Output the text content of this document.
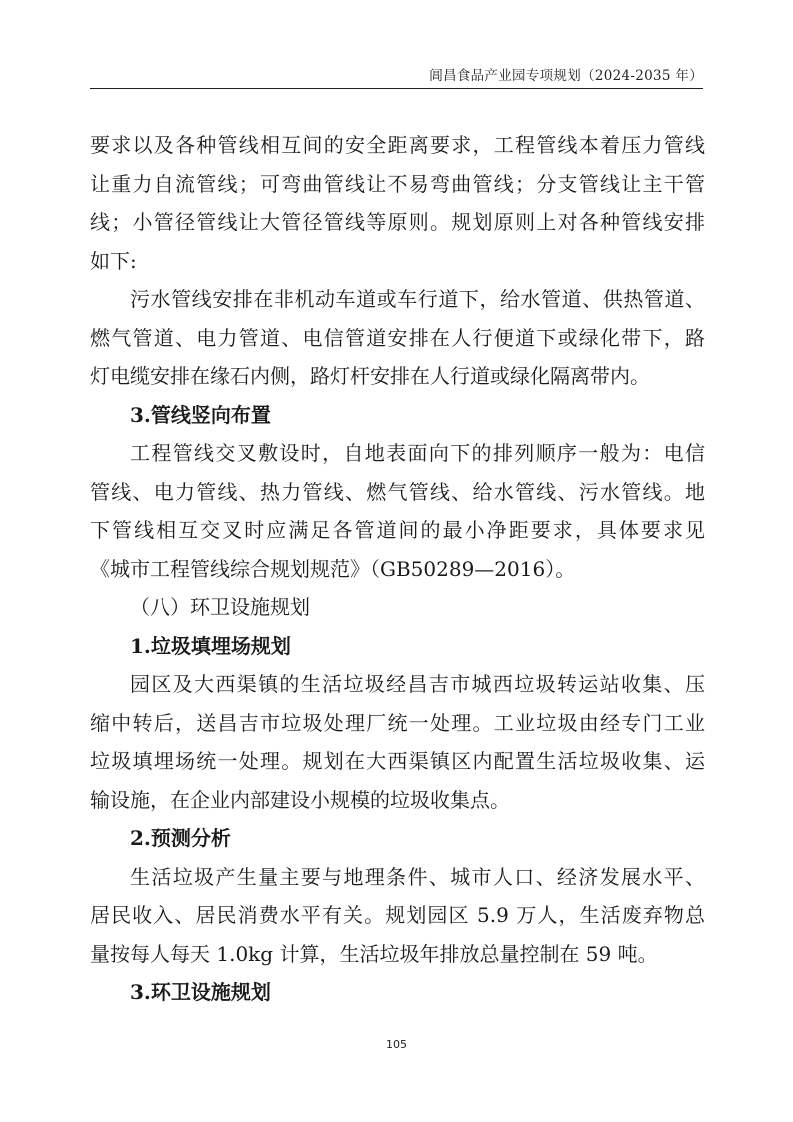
阊昌食品产业园专项规划（2024-2035 年）
要求以及各种管线相互间的安全距离要求，工程管线本着压力管线
让重力自流管线；可弯曲管线让不易弯曲管线；分支管线让主干管
线；小管径管线让大管径管线等原则。规划原则上对各种管线安排
如下:
污水管线安排在非机动车道或车行道下，给水管道、供热管道、
燃气管道、电力管道、电信管道安排在人行便道下或绿化带下，路
灯电缆安排在缘石内侧，路灯杆安排在人行道或绿化隔离带内。
3.管线竖向布置
工程管线交叉敷设时，自地表面向下的排列顺序一般为：电信
管线、电力管线、热力管线、燃气管线、给水管线、污水管线。地
下管线相互交叉时应满足各管道间的最小净距要求，具体要求见
《城市工程管线综合规划规范》（GB50289—2016）。
（八）环卫设施规划
1.垃圾填埋场规划
园区及大西渠镇的生活垃圾经昌吉市城西垃圾转运站收集、压
缩中转后，送昌吉市垃圾处理厂统一处理。工业垃圾由经专门工业
垃圾填埋场统一处理。规划在大西渠镇区内配置生活垃圾收集、运
输设施，在企业内部建设小规模的垃圾收集点。
2.预测分析
生活垃圾产生量主要与地理条件、城市人口、经济发展水平、
居民收入、居民消费水平有关。规划园区 5.9 万人，生活废弃物总
量按每人每天 1.0kg 计算，生活垃圾年排放总量控制在 59 吨。
3.环卫设施规划
105
